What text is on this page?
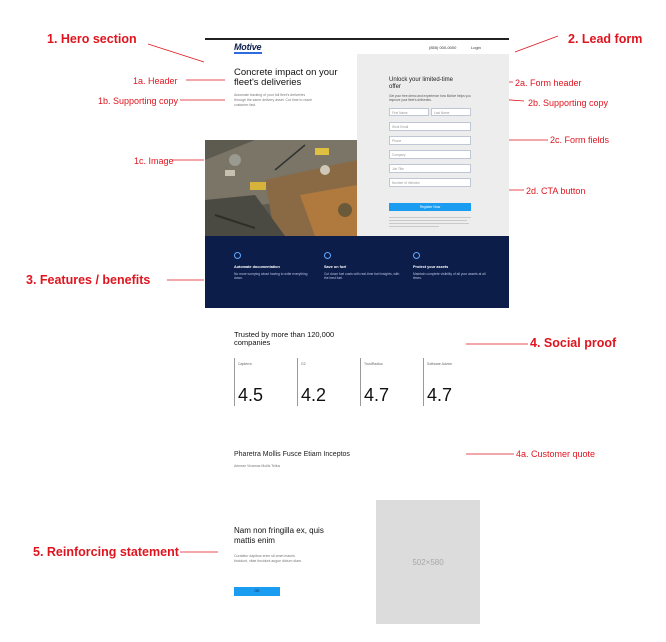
1. Hero section	2. Lead form
1a. Header
1b. Supporting copy
1c. Image
2a. Form header
2b. Supporting copy
2c. Form fields
2d. CTA button
3. Features / benefits
4. Social proof
4a. Customer quote
5. Reinforcing statement
Motive	(855) 000-0000	Login
Concrete impact on your fleet's deliveries
Automate tracking of your full fleet's deliveries through the same delivery asset. Cut time to reach customer fast.
Unlock your limited-time offer
Get your free demo and experience how Motive helps you improve your fleet's deliveries.
First Name	Last Name
Work Email
Phone
Company
Job Title
Number of Vehicles
Register Now
Automate documentation
No more worrying about having to write everything down.
Save on fuel
Cut down fuel costs with real-time fuel insights, with the best fuel.
Protect your assets
Maintain complete visibility of all your assets at all times.
Trusted by more than 120,000 companies
Capterra
4.5
G2
4.2
TrustRadius
4.7
Software Advice
4.7
Pharetra Mollis Fusce Etiam Inceptos
Aenean Vivamus Mollis Tellus
Nam non fringilla ex, quis mattis enim
Curabitur dapibus enim sit amet mauris tincidunt, vitae tincidunt augue dictum diam.
OK
502×580
